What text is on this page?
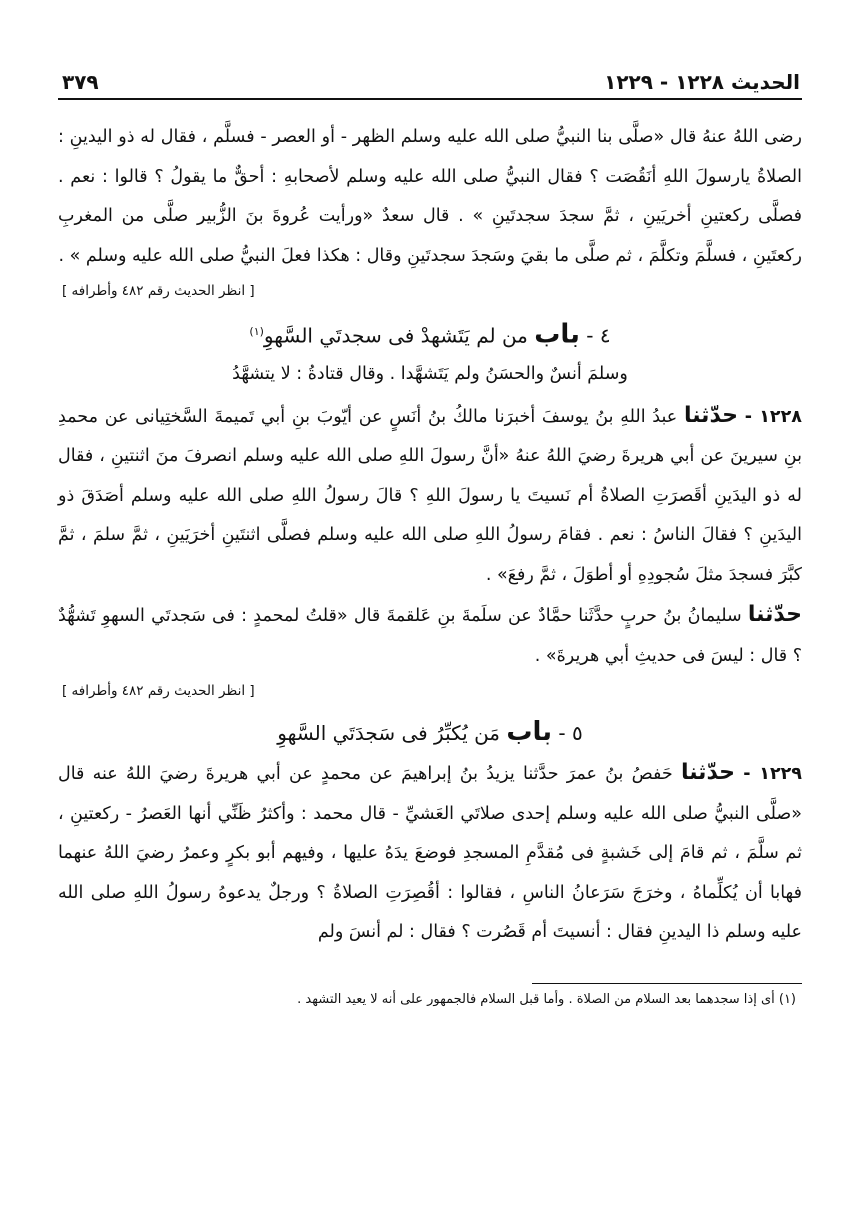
الحديث ١٢٢٨ - ١٢٢٩
٣٧٩

رضى اللهُ عنهُ قال «صلَّى بنا النبيُّ صلى الله عليه وسلم الظهر - أو العصر - فسلَّم ، فقال له ذو اليدينِ : الصلاةُ يارسولَ اللهِ أنَقُصَت ؟ فقال النبيُّ صلى الله عليه وسلم لأصحابهِ : أحقٌّ ما يقولُ ؟ قالوا : نعم . فصلَّى ركعتينِ أخريَينِ ، ثمَّ سجدَ سجدتَينِ » . قال سعدٌ «ورأيت عُروةَ بنَ الزُّبير صلَّى من المغربِ ركعتَينِ ، فسلَّمَ وتكلَّمَ ، ثم صلَّى ما بقيَ وسَجدَ سجدتَينِ وقال : هكذا فعلَ النبيُّ صلى الله عليه وسلم » .

[ انظر الحديث رقم ٤٨٢ وأطرافه ]
٤ - باب من لم يَتَشهدْ فى سجدتَي السَّهوِ$^{(١)}$
وسلمَ أنسٌ والحسَنُ ولم يَتَشهَّدا . وقال قتادةُ : لا يتشهَّدُ

١٢٢٨ - حدّثنا عبدُ اللهِ بنُ يوسفَ أخبرَنا مالكُ بنُ أنَسٍ عن أيّوبَ بنِ أبي تَميمةَ السَّختِيانى عن محمدِ بنِ سيرينَ عن أبي هريرةَ رضيَ اللهُ عنهُ «أنَّ رسولَ اللهِ صلى الله عليه وسلم انصرفَ منَ اثنتينِ ، فقال له ذو اليدَينِ أقَصرَتِ الصلاةُ أم نَسيتَ يا رسولَ اللهِ ؟ قالَ رسولُ اللهِ صلى الله عليه وسلم أصَدَقَ ذو اليدَينِ ؟ فقالَ الناسُ : نعم . فقامَ رسولُ اللهِ صلى الله عليه وسلم فصلَّى اثنتَينِ أخرَيَينِ ، ثمَّ سلمَ ، ثمَّ كبَّرَ فسجدَ مثلَ سُجودِهِ أو أطوَلَ ، ثمَّ رفعَ» .

حدّثنا سليمانُ بنُ حربٍ حدَّثَنا حمَّادٌ عن سلَمةَ بنِ عَلقمةَ قال «قلتُ لمحمدٍ : فى سَجدتَي السهوِ تَشهُّدٌ ؟ قال : ليسَ فى حديثِ أبي هريرةَ» .

[ انظر الحديث رقم ٤٨٢ وأطرافه ]
٥ - باب مَن يُكبِّرُ فى سَجدَتَي السَّهوِ

١٢٢٩ - حدّثنا حَفصُ بنُ عمرَ حدَّثنا يزيدُ بنُ إبراهيمَ عن محمدٍ عن أبي هريرةَ رضيَ اللهُ عنه قال «صلَّى النبيُّ صلى الله عليه وسلم إحدى صلاتَي العَشيِّ - قال محمد : وأكثرُ ظَنِّي أنها العَصرُ - ركعتينِ ، ثم سلَّمَ ، ثم قامَ إلى خَشبةٍ فى مُقدَّمِ المسجدِ فوضعَ يدَهُ عليها ، وفيهم أبو بكرٍ وعمرُ رضيَ اللهُ عنهما فهابا أن يُكلِّماهُ ، وخرَجَ سَرَعانُ الناسِ ، فقالوا : أقُصِرَتِ الصلاةُ ؟ ورجلٌ يدعوهُ رسولُ اللهِ صلى الله عليه وسلم ذا اليدينِ فقال : أنسيتَ أم قَصُرت ؟ فقال : لم أنسَ ولم

(١) أى إذا سجدهما بعد السلام من الصلاة . وأما قبل السلام فالجمهور على أنه لا يعيد التشهد .
